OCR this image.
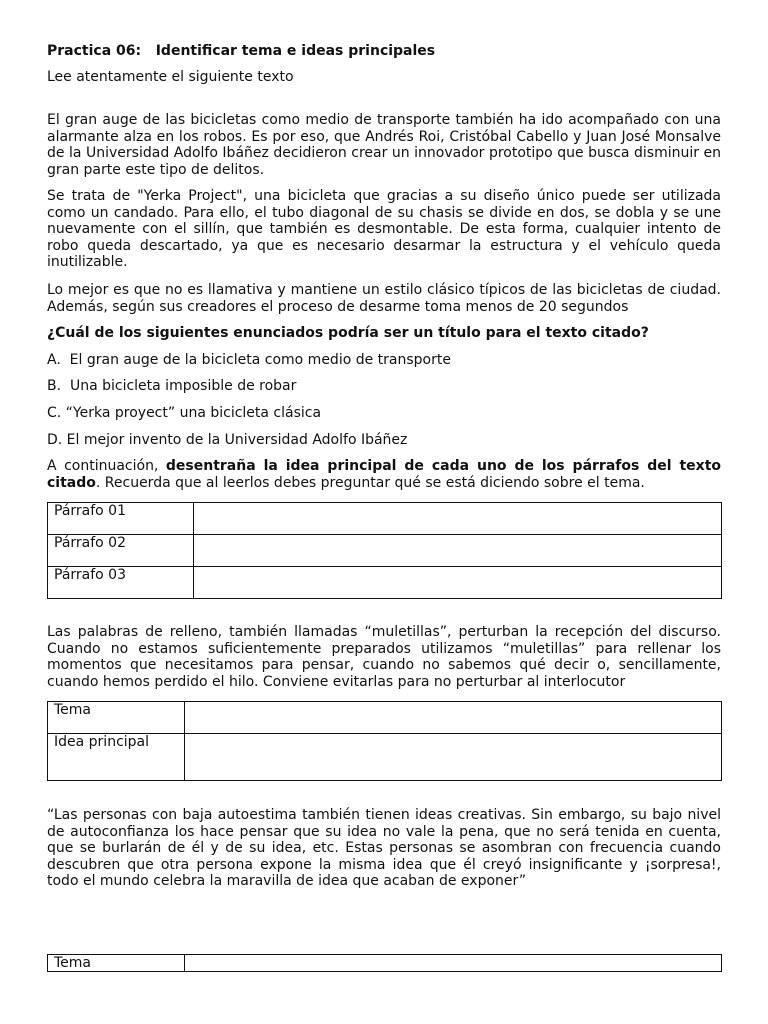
Practica 06:   Identificar tema e ideas principales
Lee atentamente el siguiente texto

El gran auge de las bicicletas como medio de transporte también ha ido acompañado con una alarmante alza en los robos. Es por eso, que Andrés Roi, Cristóbal Cabello y Juan José Monsalve de la Universidad Adolfo Ibáñez decidieron crear un innovador prototipo que busca disminuir en gran parte este tipo de delitos.

Se trata de "Yerka Project", una bicicleta que gracias a su diseño único puede ser utilizada como un candado. Para ello, el tubo diagonal de su chasis se divide en dos, se dobla y se une nuevamente con el sillín, que también es desmontable. De esta forma, cualquier intento de robo queda descartado, ya que es necesario desarmar la estructura y el vehículo queda inutilizable.

Lo mejor es que no es llamativa y mantiene un estilo clásico típicos de las bicicletas de ciudad. Además, según sus creadores el proceso de desarme toma menos de 20 segundos

¿Cuál de los siguientes enunciados podría ser un título para el texto citado?
A.  El gran auge de la bicicleta como medio de transporte
B.  Una bicicleta imposible de robar
C. “Yerka proyect” una bicicleta clásica
D. El mejor invento de la Universidad Adolfo Ibáñez

A continuación, desentraña la idea principal de cada uno de los párrafos del texto citado. Recuerda que al leerlos debes preguntar qué se está diciendo sobre el tema.

Párrafo 01	
Párrafo 02	
Párrafo 03	

Las palabras de relleno, también llamadas “muletillas”, perturban la recepción del discurso. Cuando no estamos suficientemente preparados utilizamos “muletillas” para rellenar los momentos que necesitamos para pensar, cuando no sabemos qué decir o, sencillamente, cuando hemos perdido el hilo. Conviene evitarlas para no perturbar al interlocutor

Tema	
Idea principal	

“Las personas con baja autoestima también tienen ideas creativas. Sin embargo, su bajo nivel de autoconfianza los hace pensar que su idea no vale la pena, que no será tenida en cuenta, que se burlarán de él y de su idea, etc. Estas personas se asombran con frecuencia cuando descubren que otra persona expone la misma idea que él creyó insignificante y ¡sorpresa!, todo el mundo celebra la maravilla de idea que acaban de exponer”

Tema	
